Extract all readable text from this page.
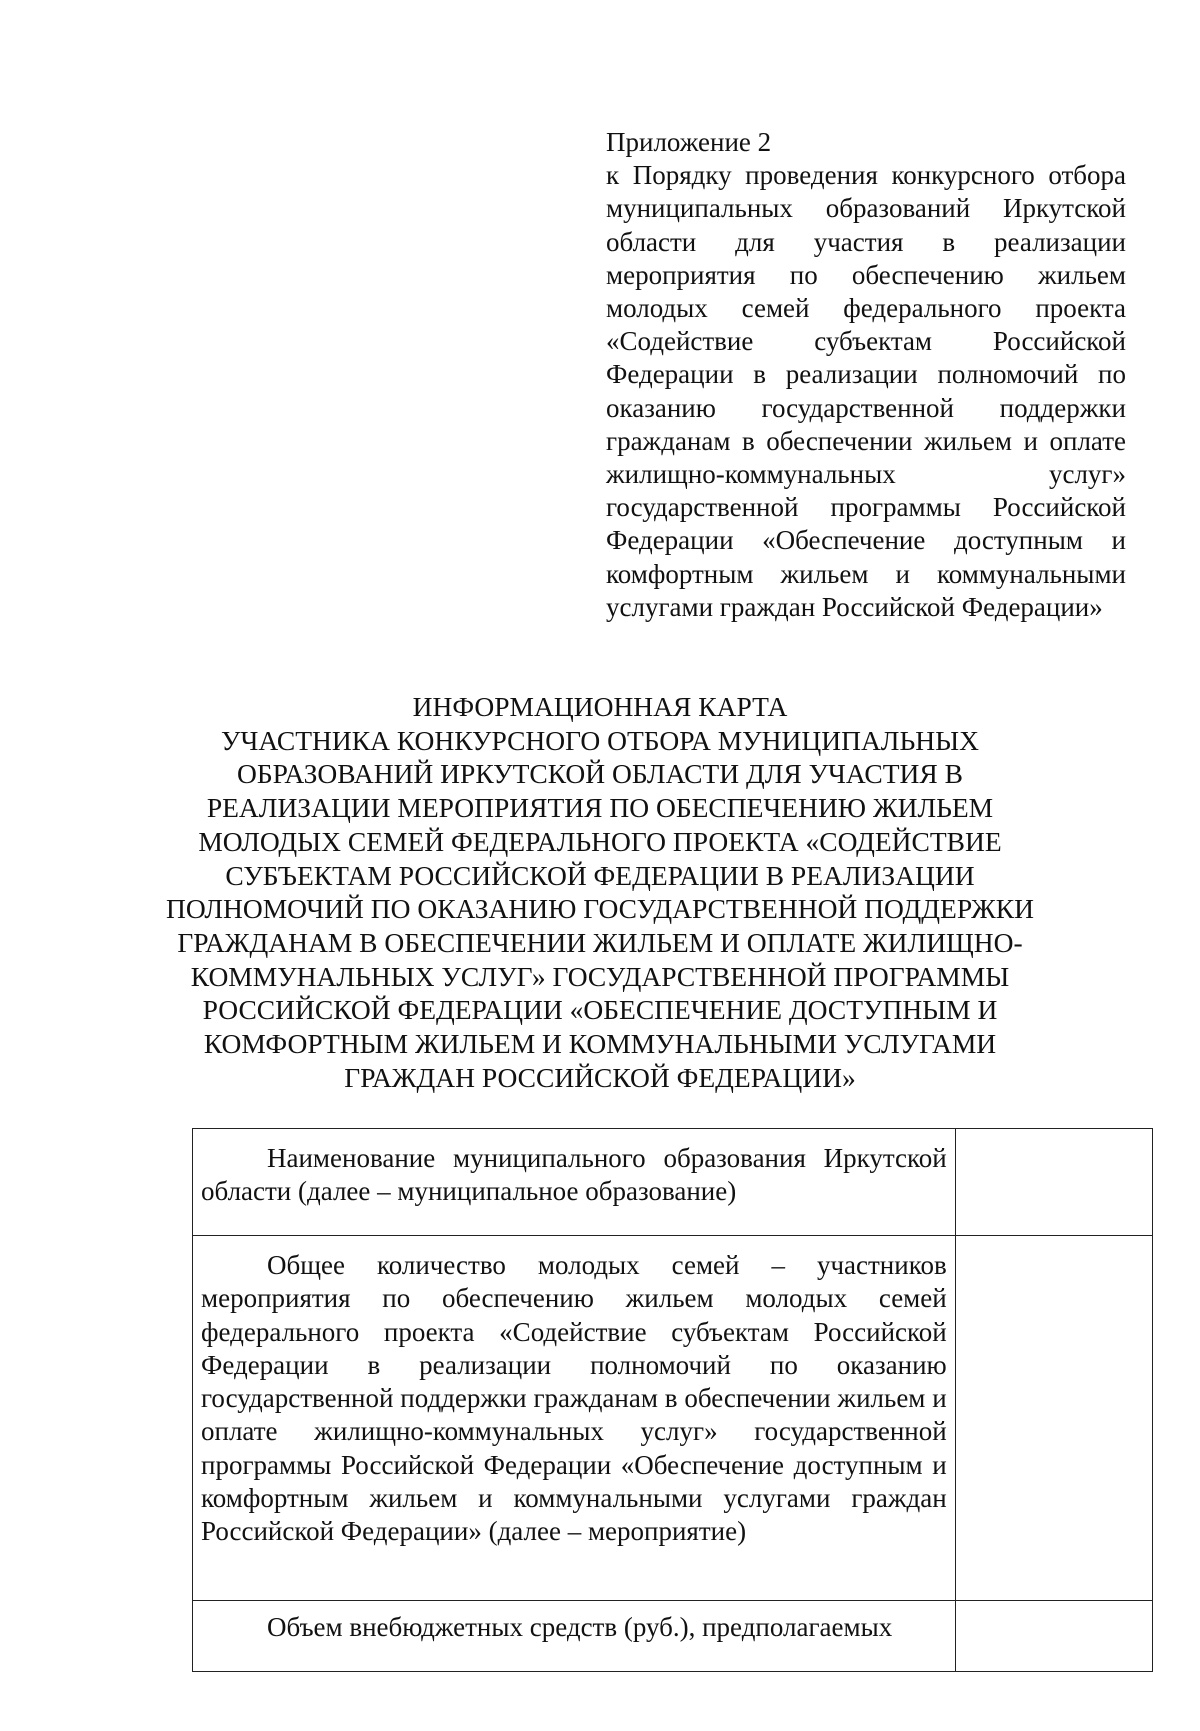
Приложение 2
к Порядку проведения конкурсного отбора муниципальных образований Иркутской области для участия в реализации мероприятия по обеспечению жильем молодых семей федерального проекта «Содействие субъектам Российской Федерации в реализации полномочий по оказанию государственной поддержки гражданам в обеспечении жильем и оплате жилищно-коммунальных услуг» государственной программы Российской Федерации «Обеспечение доступным и комфортным жильем и коммунальными услугами граждан Российской Федерации»
ИНФОРМАЦИОННАЯ КАРТА
УЧАСТНИКА КОНКУРСНОГО ОТБОРА МУНИЦИПАЛЬНЫХ
ОБРАЗОВАНИЙ ИРКУТСКОЙ ОБЛАСТИ ДЛЯ УЧАСТИЯ В
РЕАЛИЗАЦИИ МЕРОПРИЯТИЯ ПО ОБЕСПЕЧЕНИЮ ЖИЛЬЕМ
МОЛОДЫХ СЕМЕЙ ФЕДЕРАЛЬНОГО ПРОЕКТА «СОДЕЙСТВИЕ
СУБЪЕКТАМ РОССИЙСКОЙ ФЕДЕРАЦИИ В РЕАЛИЗАЦИИ
ПОЛНОМОЧИЙ ПО ОКАЗАНИЮ ГОСУДАРСТВЕННОЙ ПОДДЕРЖКИ
ГРАЖДАНАМ В ОБЕСПЕЧЕНИИ ЖИЛЬЕМ И ОПЛАТЕ ЖИЛИЩНО-
КОММУНАЛЬНЫХ УСЛУГ» ГОСУДАРСТВЕННОЙ ПРОГРАММЫ
РОССИЙСКОЙ ФЕДЕРАЦИИ «ОБЕСПЕЧЕНИЕ ДОСТУПНЫМ И
КОМФОРТНЫМ ЖИЛЬЕМ И КОММУНАЛЬНЫМИ УСЛУГАМИ
ГРАЖДАН РОССИЙСКОЙ ФЕДЕРАЦИИ»
Наименование муниципального образования Иркутской области (далее – муниципальное образование)	
Общее количество молодых семей – участников мероприятия по обеспечению жильем молодых семей федерального проекта «Содействие субъектам Российской Федерации в реализации полномочий по оказанию государственной поддержки гражданам в обеспечении жильем и оплате жилищно-коммунальных услуг» государственной программы Российской Федерации «Обеспечение доступным и комфортным жильем и коммунальными услугами граждан Российской Федерации» (далее – мероприятие)	
Объем внебюджетных средств (руб.), предполагаемых	
